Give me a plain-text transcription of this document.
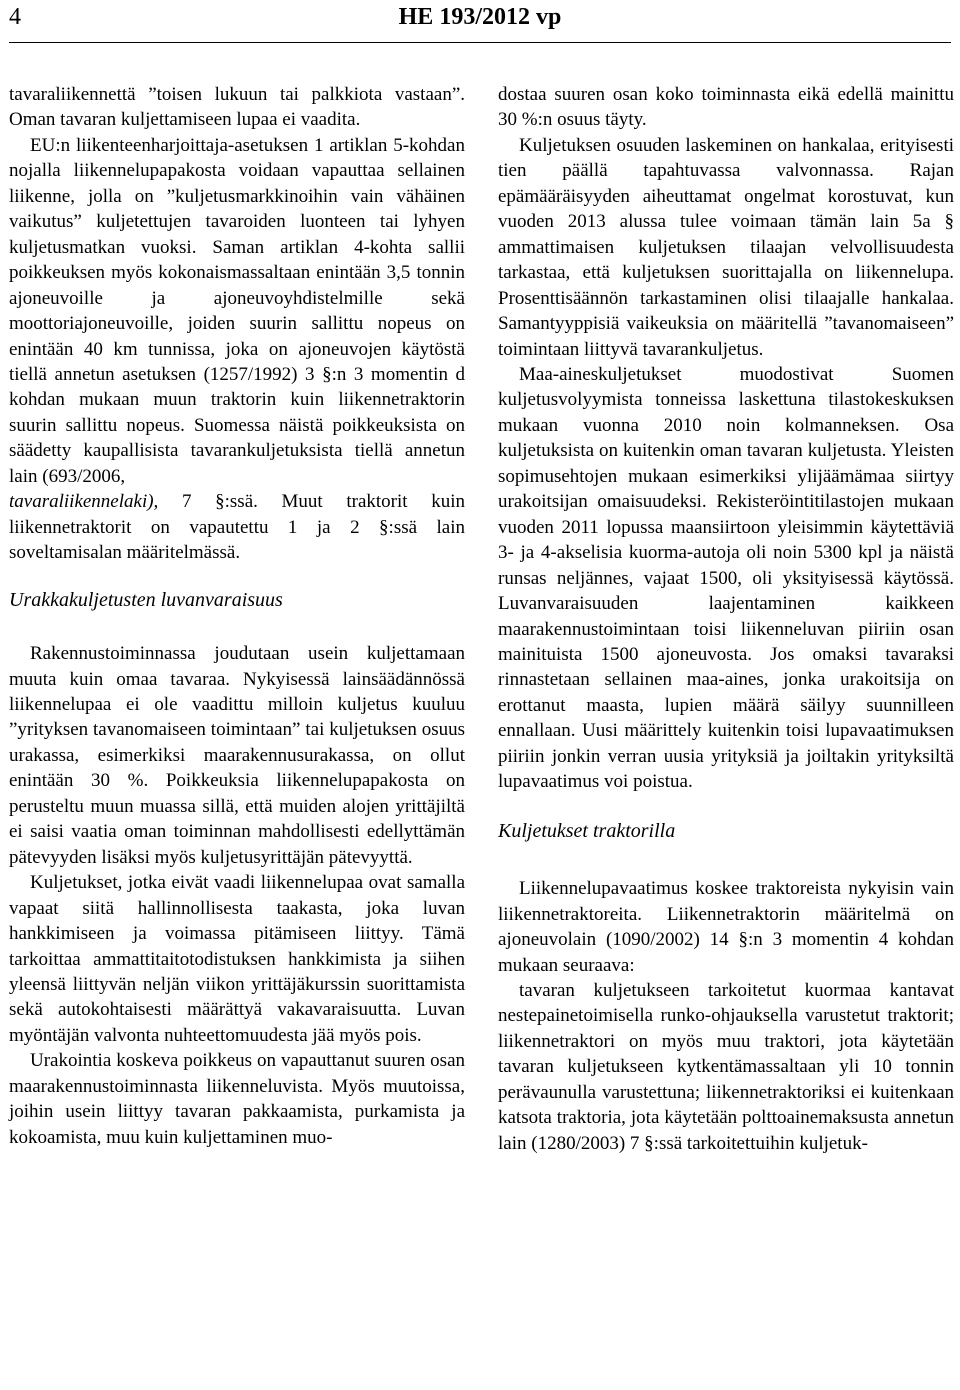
4	HE 193/2012 vp

tavaraliikennettä ”toisen lukuun tai palkkiota vastaan”. Oman tavaran kuljettamiseen lupaa ei vaadita.

EU:n liikenteenharjoittaja-asetuksen 1 artiklan 5-kohdan nojalla liikennelupapakosta voidaan vapauttaa sellainen liikenne, jolla on ”kuljetusmarkkinoihin vain vähäinen vaikutus” kuljetettujen tavaroiden luonteen tai lyhyen kuljetusmatkan vuoksi. Saman artiklan 4-kohta sallii poikkeuksen myös kokonaismassaltaan enintään 3,5 tonnin ajoneuvoille ja ajoneuvoyhdistelmille sekä moottoriajoneuvoille, joiden suurin sallittu nopeus on enintään 40 km tunnissa, joka on ajoneuvojen käytöstä tiellä annetun asetuksen (1257/1992) 3 §:n 3 momentin d kohdan mukaan muun traktorin kuin liikennetraktorin suurin sallittu nopeus. Suomessa näistä poikkeuksista on säädetty kaupallisista tavarankuljetuksista tiellä annetun lain (693/2006,
tavaraliikennelaki), 7 §:ssä. Muut traktorit kuin liikennetraktorit on vapautettu 1 ja 2 §:ssä lain soveltamisalan määritelmässä.

Urakkakuljetusten luvanvaraisuus

Rakennustoiminnassa joudutaan usein kuljettamaan muuta kuin omaa tavaraa. Nykyisessä lainsäädännössä liikennelupaa ei ole vaadittu milloin kuljetus kuuluu ”yrityksen tavanomaiseen toimintaan” tai kuljetuksen osuus urakassa, esimerkiksi maarakennusurakassa, on ollut enintään 30 %. Poikkeuksia liikennelupapakosta on perusteltu muun muassa sillä, että muiden alojen yrittäjiltä ei saisi vaatia oman toiminnan mahdollisesti edellyttämän pätevyyden lisäksi myös kuljetusyrittäjän pätevyyttä.

Kuljetukset, jotka eivät vaadi liikennelupaa ovat samalla vapaat siitä hallinnollisesta taakasta, joka luvan hankkimiseen ja voimassa pitämiseen liittyy. Tämä tarkoittaa ammattitaitotodistuksen hankkimista ja siihen yleensä liittyvän neljän viikon yrittäjäkurssin suorittamista sekä autokohtaisesti määrättyä vakavaraisuutta. Luvan myöntäjän valvonta nuhteettomuudesta jää myös pois.

Urakointia koskeva poikkeus on vapauttanut suuren osan maarakennustoiminnasta liikenneluvista. Myös muutoissa, joihin usein liittyy tavaran pakkaamista, purkamista ja kokoamista, muu kuin kuljettaminen muo-

dostaa suuren osan koko toiminnasta eikä edellä mainittu 30 %:n osuus täyty.

Kuljetuksen osuuden laskeminen on hankalaa, erityisesti tien päällä tapahtuvassa valvonnassa. Rajan epämääräisyyden aiheuttamat ongelmat korostuvat, kun vuoden 2013 alussa tulee voimaan tämän lain 5a § ammattimaisen kuljetuksen tilaajan velvollisuudesta tarkastaa, että kuljetuksen suorittajalla on liikennelupa. Prosenttisäännön tarkastaminen olisi tilaajalle hankalaa. Samantyyppisiä vaikeuksia on määritellä ”tavanomaiseen” toimintaan liittyvä tavarankuljetus.

Maa-aineskuljetukset muodostivat Suomen kuljetusvolyymista tonneissa laskettuna tilastokeskuksen mukaan vuonna 2010 noin kolmanneksen. Osa kuljetuksista on kuitenkin oman tavaran kuljetusta. Yleisten sopimusehtojen mukaan esimerkiksi ylijäämämaa siirtyy urakoitsijan omaisuudeksi. Rekisteröintitilastojen mukaan vuoden 2011 lopussa maansiirtoon yleisimmin käytettäviä 3- ja 4-akselisia kuorma-autoja oli noin 5300 kpl ja näistä runsas neljännes, vajaat 1500, oli yksityisessä käytössä. Luvanvaraisuuden laajentaminen kaikkeen maarakennustoimintaan toisi liikenneluvan piiriin osan mainituista 1500 ajoneuvosta. Jos omaksi tavaraksi rinnastetaan sellainen maa-aines, jonka urakoitsija on erottanut maasta, lupien määrä säilyy suunnilleen ennallaan. Uusi määrittely kuitenkin toisi lupavaatimuksen piiriin jonkin verran uusia yrityksiä ja joiltakin yrityksiltä lupavaatimus voi poistua.

Kuljetukset traktorilla

Liikennelupavaatimus koskee traktoreista nykyisin vain liikennetraktoreita. Liikennetraktorin määritelmä on ajoneuvolain (1090/2002) 14 §:n 3 momentin 4 kohdan mukaan seuraava:

tavaran kuljetukseen tarkoitetut kuormaa kantavat nestepainetoimisella runko-ohjauksella varustetut traktorit; liikennetraktori on myös muu traktori, jota käytetään tavaran kuljetukseen kytkentämassaltaan yli 10 tonnin perävaunulla varustettuna; liikennetraktoriksi ei kuitenkaan katsota traktoria, jota käytetään polttoainemaksusta annetun lain (1280/2003) 7 §:ssä tarkoitettuihin kuljetuk-
